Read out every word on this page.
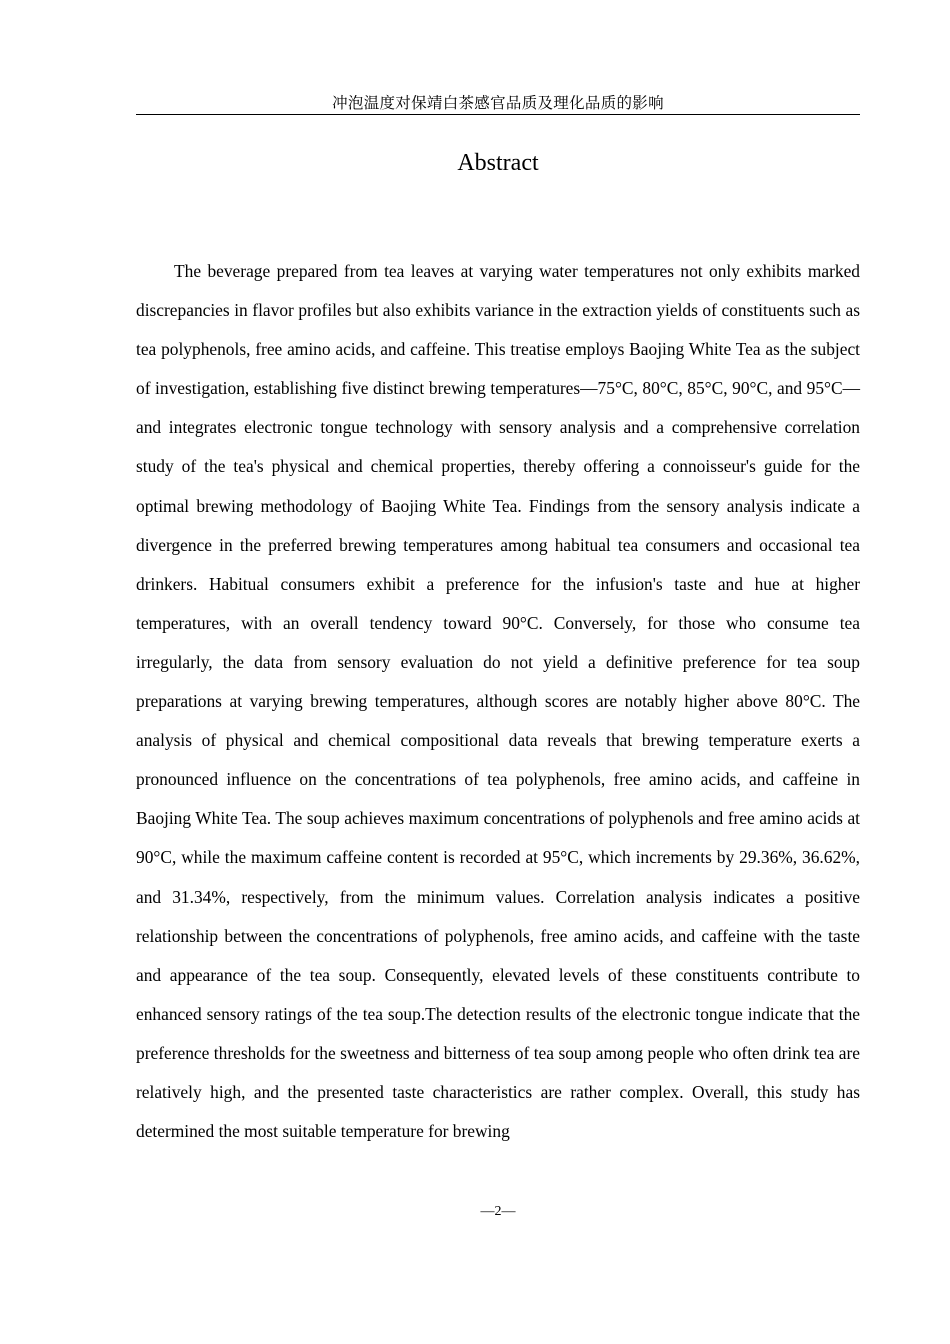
冲泡温度对保靖白茶感官品质及理化品质的影响
Abstract

The beverage prepared from tea leaves at varying water temperatures not only exhibits marked discrepancies in flavor profiles but also exhibits variance in the extraction yields of constituents such as tea polyphenols, free amino acids, and caffeine. This treatise employs Baojing White Tea as the subject of investigation, establishing five distinct brewing temperatures—75°C, 80°C, 85°C, 90°C, and 95°C—and integrates electronic tongue technology with sensory analysis and a comprehensive correlation study of the tea's physical and chemical properties, thereby offering a connoisseur's guide for the optimal brewing methodology of Baojing White Tea. Findings from the sensory analysis indicate a divergence in the preferred brewing temperatures among habitual tea consumers and occasional tea drinkers. Habitual consumers exhibit a preference for the infusion's taste and hue at higher temperatures, with an overall tendency toward 90°C. Conversely, for those who consume tea irregularly, the data from sensory evaluation do not yield a definitive preference for tea soup preparations at varying brewing temperatures, although scores are notably higher above 80°C. The analysis of physical and chemical compositional data reveals that brewing temperature exerts a pronounced influence on the concentrations of tea polyphenols, free amino acids, and caffeine in Baojing White Tea. The soup achieves maximum concentrations of polyphenols and free amino acids at 90°C, while the maximum caffeine content is recorded at 95°C, which increments by 29.36%, 36.62%, and 31.34%, respectively, from the minimum values. Correlation analysis indicates a positive relationship between the concentrations of polyphenols, free amino acids, and caffeine with the taste and appearance of the tea soup. Consequently, elevated levels of these constituents contribute to enhanced sensory ratings of the tea soup.The detection results of the electronic tongue indicate that the preference thresholds for the sweetness and bitterness of tea soup among people who often drink tea are relatively high, and the presented taste characteristics are rather complex. Overall, this study has determined the most suitable temperature for brewing

—2—
